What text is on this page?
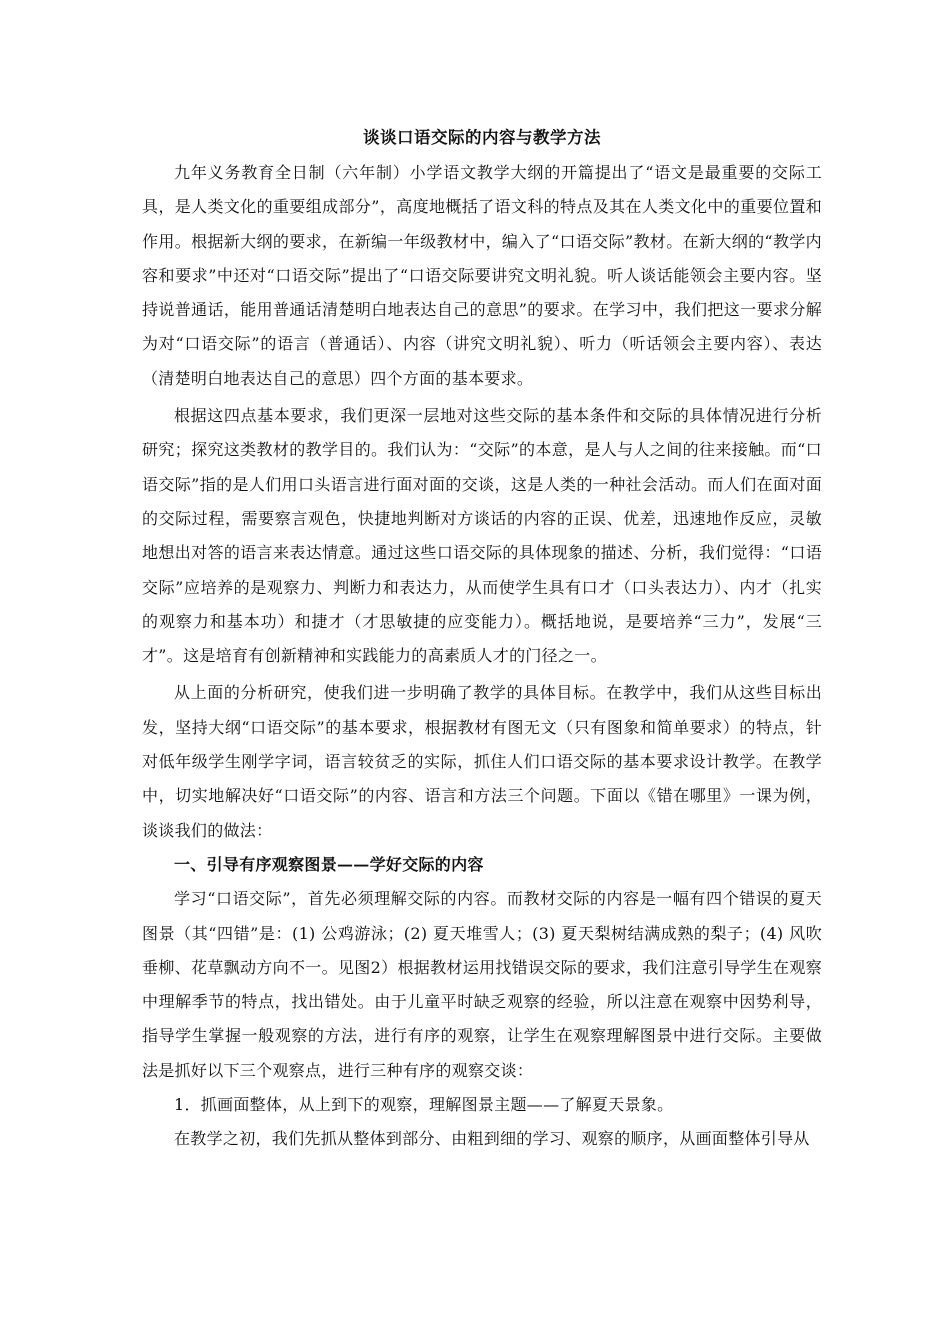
谈谈口语交际的内容与教学方法

九年义务教育全日制（六年制）小学语文教学大纲的开篇提出了“语文是最重要的交际工具，是人类文化的重要组成部分”，高度地概括了语文科的特点及其在人类文化中的重要位置和作用。根据新大纲的要求，在新编一年级教材中，编入了“口语交际”教材。在新大纲的“教学内容和要求”中还对“口语交际”提出了“口语交际要讲究文明礼貌。听人谈话能领会主要内容。坚持说普通话，能用普通话清楚明白地表达自己的意思”的要求。在学习中，我们把这一要求分解为对“口语交际”的语言（普通话）、内容（讲究文明礼貌）、听力（听话领会主要内容）、表达（清楚明白地表达自己的意思）四个方面的基本要求。

根据这四点基本要求，我们更深一层地对这些交际的基本条件和交际的具体情况进行分析研究；探究这类教材的教学目的。我们认为：“交际”的本意，是人与人之间的往来接触。而“口语交际”指的是人们用口头语言进行面对面的交谈，这是人类的一种社会活动。而人们在面对面的交际过程，需要察言观色，快捷地判断对方谈话的内容的正误、优差，迅速地作反应，灵敏地想出对答的语言来表达情意。通过这些口语交际的具体现象的描述、分析，我们觉得：“口语交际”应培养的是观察力、判断力和表达力，从而使学生具有口才（口头表达力）、内才（扎实的观察力和基本功）和捷才（才思敏捷的应变能力）。概括地说，是要培养“三力”，发展“三才”。这是培育有创新精神和实践能力的高素质人才的门径之一。

从上面的分析研究，使我们进一步明确了教学的具体目标。在教学中，我们从这些目标出发，坚持大纲“口语交际”的基本要求，根据教材有图无文（只有图象和简单要求）的特点，针对低年级学生刚学字词，语言较贫乏的实际，抓住人们口语交际的基本要求设计教学。在教学中，切实地解决好“口语交际”的内容、语言和方法三个问题。下面以《错在哪里》一课为例，谈谈我们的做法：

一、引导有序观察图景——学好交际的内容

学习“口语交际”，首先必须理解交际的内容。而教材交际的内容是一幅有四个错误的夏天图景（其“四错”是：(1) 公鸡游泳；(2) 夏天堆雪人；(3) 夏天梨树结满成熟的梨子；(4) 风吹垂柳、花草飘动方向不一。见图2）根据教材运用找错误交际的要求，我们注意引导学生在观察中理解季节的特点，找出错处。由于儿童平时缺乏观察的经验，所以注意在观察中因势利导，指导学生掌握一般观察的方法，进行有序的观察，让学生在观察理解图景中进行交际。主要做法是抓好以下三个观察点，进行三种有序的观察交谈：

1．抓画面整体，从上到下的观察，理解图景主题——了解夏天景象。

在教学之初，我们先抓从整体到部分、由粗到细的学习、观察的顺序，从画面整体引导从
